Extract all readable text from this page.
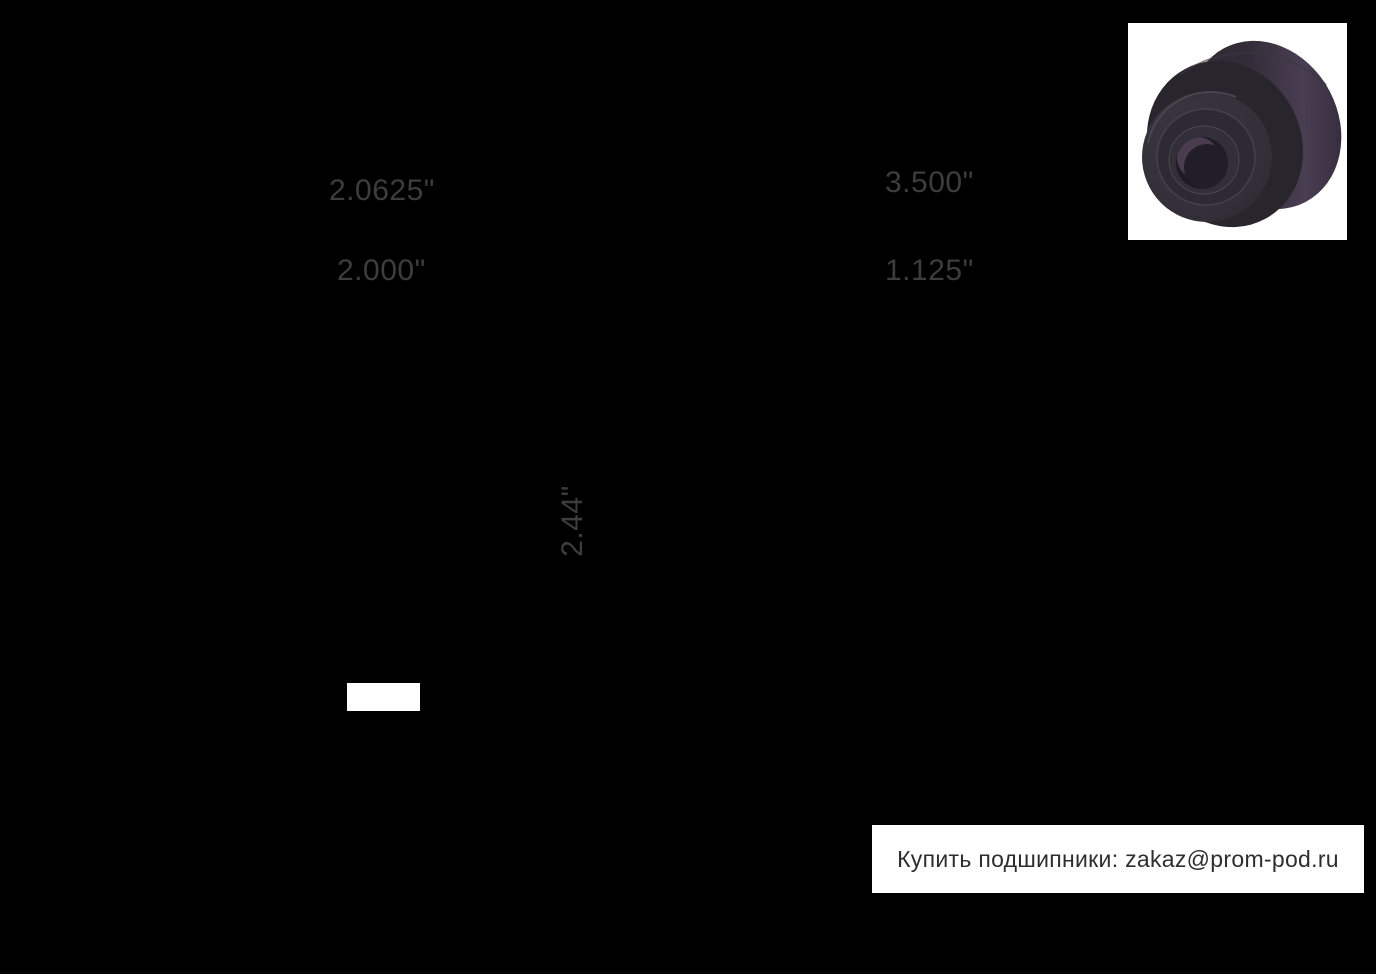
2.0625"
2.000"
3.500"
1.125"
2.44"
Купить подшипники: zakaz@prom-pod.ru
